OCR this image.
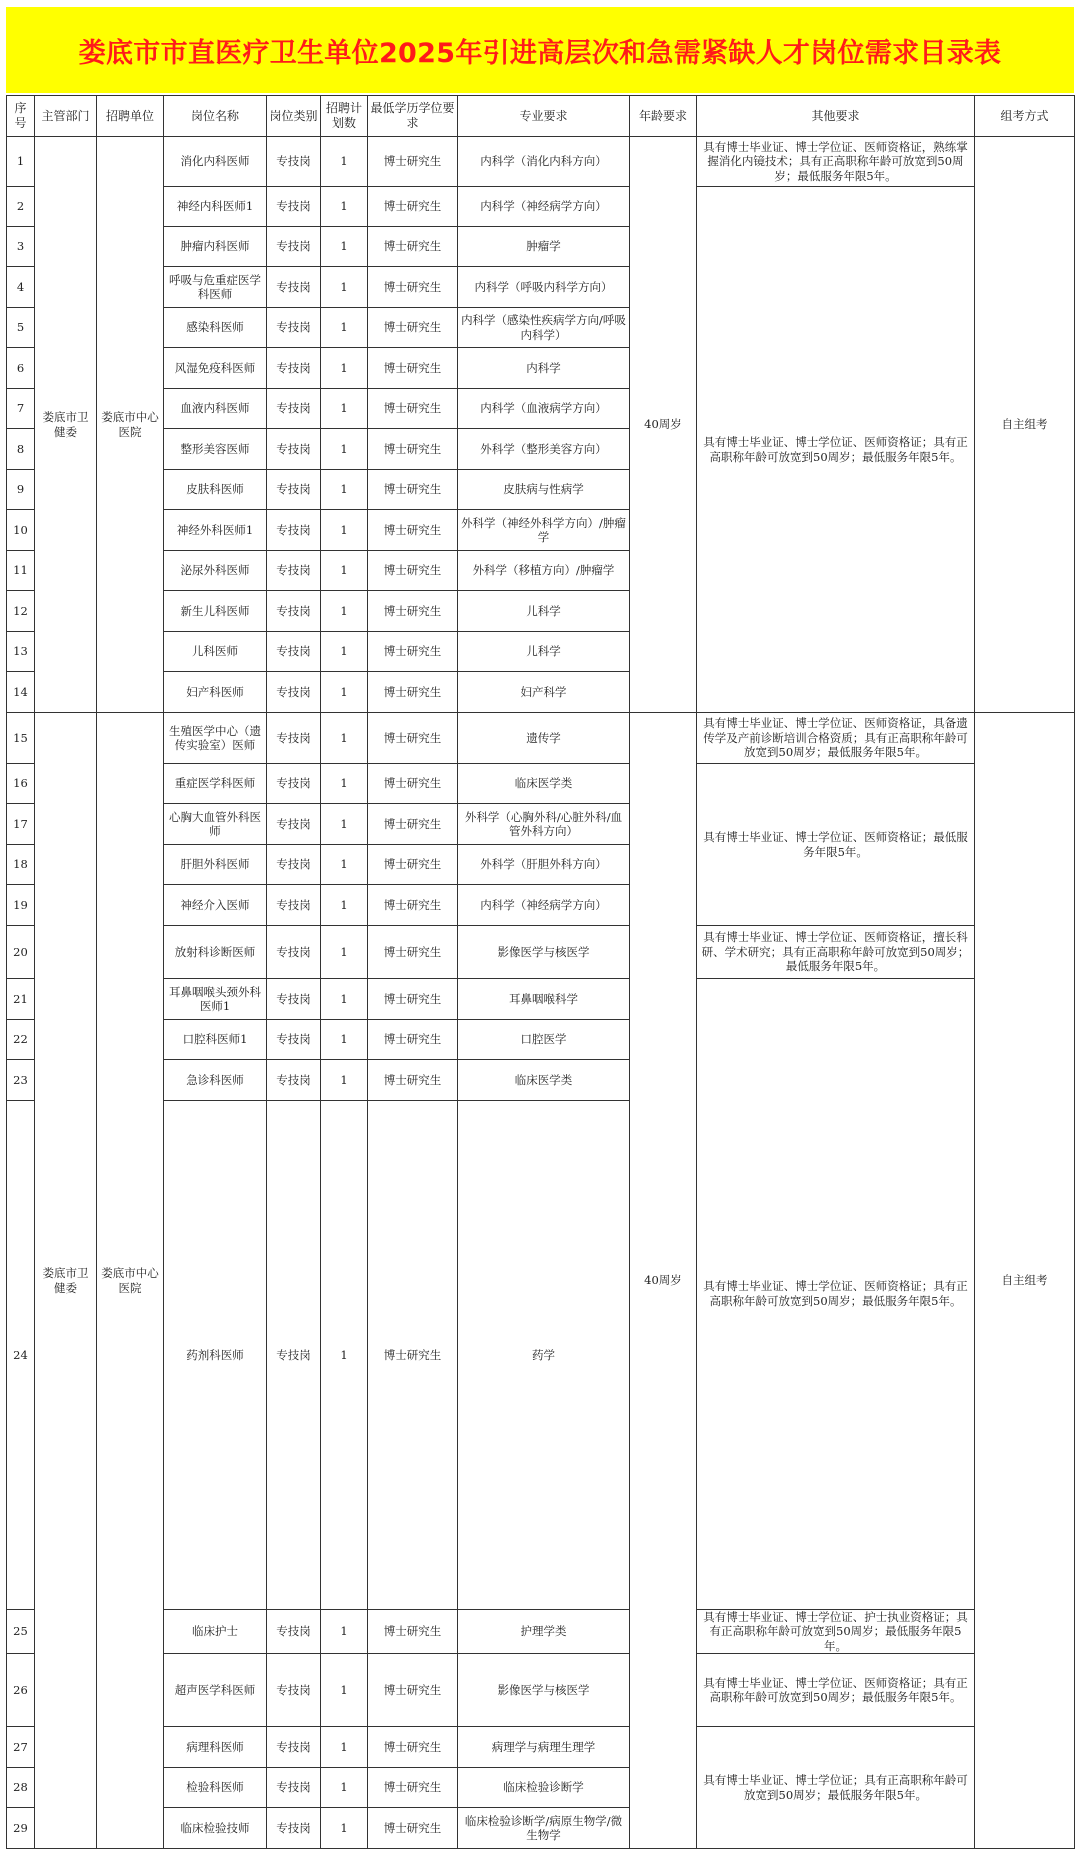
娄底市市直医疗卫生单位2025年引进高层次和急需紧缺人才岗位需求目录表
序号	主管部门	招聘单位	岗位名称	岗位类别	招聘计划数	最低学历学位要求	专业要求	年龄要求	其他要求	组考方式	
1	娄底市卫健委	娄底市中心医院	消化内科医师	专技岗	1	博士研究生	内科学（消化内科方向）	40周岁	具有博士毕业证、博士学位证、医师资格证，熟练掌握消化内镜技术；具有正高职称年龄可放宽到50周岁；最低服务年限5年。	自主组考	
2			神经内科医师1	专技岗	1	博士研究生	内科学（神经病学方向）		具有博士毕业证、博士学位证、医师资格证；具有正高职称年龄可放宽到50周岁；最低服务年限5年。		
3			肿瘤内科医师	专技岗	1	博士研究生	肿瘤学				
4			呼吸与危重症医学科医师	专技岗	1	博士研究生	内科学（呼吸内科学方向）				
5			感染科医师	专技岗	1	博士研究生	内科学（感染性疾病学方向/呼吸内科学）				
6			风湿免疫科医师	专技岗	1	博士研究生	内科学				
7			血液内科医师	专技岗	1	博士研究生	内科学（血液病学方向）				
8			整形美容医师	专技岗	1	博士研究生	外科学（整形美容方向）				
9			皮肤科医师	专技岗	1	博士研究生	皮肤病与性病学				
10			神经外科医师1	专技岗	1	博士研究生	外科学（神经外科学方向）/肿瘤学				
11			泌尿外科医师	专技岗	1	博士研究生	外科学（移植方向）/肿瘤学				
12			新生儿科医师	专技岗	1	博士研究生	儿科学				
13			儿科医师	专技岗	1	博士研究生	儿科学				
14			妇产科医师	专技岗	1	博士研究生	妇产科学				
15	娄底市卫健委	娄底市中心医院	生殖医学中心（遗传实验室）医师	专技岗	1	博士研究生	遗传学	40周岁	具有博士毕业证、博士学位证、医师资格证，具备遗传学及产前诊断培训合格资质；具有正高职称年龄可放宽到50周岁；最低服务年限5年。	自主组考	
16			重症医学科医师	专技岗	1	博士研究生	临床医学类		具有博士毕业证、博士学位证、医师资格证；最低服务年限5年。		
17			心胸大血管外科医师	专技岗	1	博士研究生	外科学（心胸外科/心脏外科/血管外科方向）				
18			肝胆外科医师	专技岗	1	博士研究生	外科学（肝胆外科方向）				
19			神经介入医师	专技岗	1	博士研究生	内科学（神经病学方向）				
20			放射科诊断医师	专技岗	1	博士研究生	影像医学与核医学		具有博士毕业证、博士学位证、医师资格证，擅长科研、学术研究；具有正高职称年龄可放宽到50周岁；最低服务年限5年。		
21			耳鼻咽喉头颈外科医师1	专技岗	1	博士研究生	耳鼻咽喉科学		具有博士毕业证、博士学位证、医师资格证；具有正高职称年龄可放宽到50周岁；最低服务年限5年。		
22			口腔科医师1	专技岗	1	博士研究生	口腔医学				
23			急诊科医师	专技岗	1	博士研究生	临床医学类				
24			药剂科医师	专技岗	1	博士研究生	药学	
25			临床护士	专技岗	1	博士研究生	护理学类		具有博士毕业证、博士学位证、护士执业资格证；具有正高职称年龄可放宽到50周岁；最低服务年限5年。		
26			超声医学科医师	专技岗	1	博士研究生	影像医学与核医学		具有博士毕业证、博士学位证、医师资格证；具有正高职称年龄可放宽到50周岁；最低服务年限5年。		
27			病理科医师	专技岗	1	博士研究生	病理学与病理生理学		具有博士毕业证、博士学位证；具有正高职称年龄可放宽到50周岁；最低服务年限5年。		
28			检验科医师	专技岗	1	博士研究生	临床检验诊断学				
29			临床检验技师	专技岗	1	博士研究生	临床检验诊断学/病原生物学/微生物学				
